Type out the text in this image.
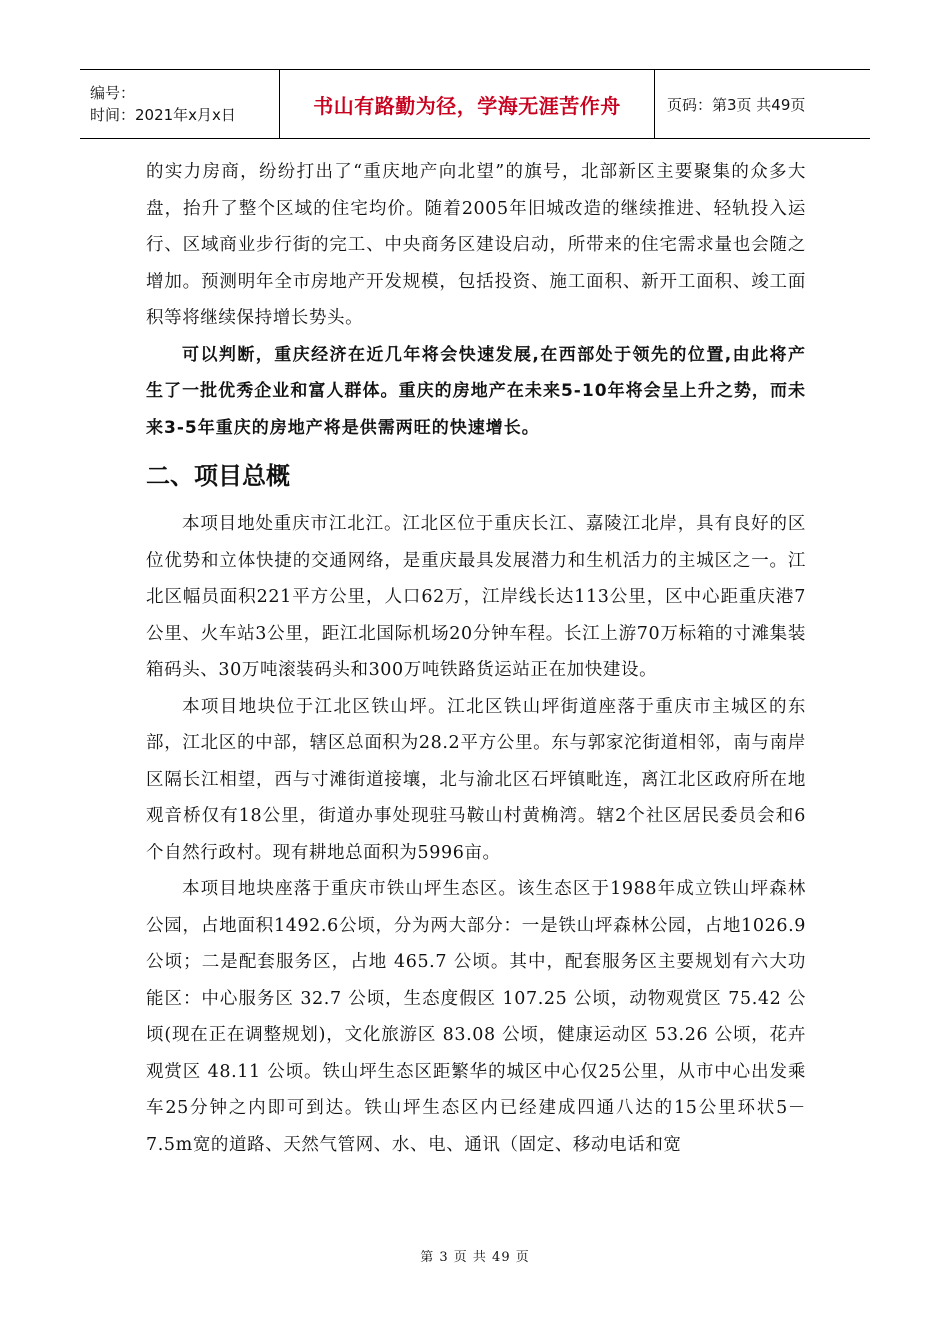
编号：
时间：2021年x月x日	书山有路勤为径，学海无涯苦作舟	页码：第3页 共49页

的实力房商，纷纷打出了“重庆地产向北望”的旗号，北部新区主要聚集的众多大盘，抬升了整个区域的住宅均价。随着2005年旧城改造的继续推进、轻轨投入运行、区域商业步行街的完工、中央商务区建设启动，所带来的住宅需求量也会随之增加。预测明年全市房地产开发规模，包括投资、施工面积、新开工面积、竣工面积等将继续保持增长势头。

可以判断，重庆经济在近几年将会快速发展,在西部处于领先的位置,由此将产生了一批优秀企业和富人群体。重庆的房地产在未来5-10年将会呈上升之势，而未来3-5年重庆的房地产将是供需两旺的快速增长。

二、项目总概

本项目地处重庆市江北江。江北区位于重庆长江、嘉陵江北岸，具有良好的区位优势和立体快捷的交通网络，是重庆最具发展潜力和生机活力的主城区之一。江北区幅员面积221平方公里，人口62万，江岸线长达113公里，区中心距重庆港7公里、火车站3公里，距江北国际机场20分钟车程。长江上游70万标箱的寸滩集装箱码头、30万吨滚装码头和300万吨铁路货运站正在加快建设。

本项目地块位于江北区铁山坪。江北区铁山坪街道座落于重庆市主城区的东部，江北区的中部，辖区总面积为28.2平方公里。东与郭家沱街道相邻，南与南岸区隔长江相望，西与寸滩街道接壤，北与渝北区石坪镇毗连，离江北区政府所在地观音桥仅有18公里，街道办事处现驻马鞍山村黄桷湾。辖2个社区居民委员会和6个自然行政村。现有耕地总面积为5996亩。

本项目地块座落于重庆市铁山坪生态区。该生态区于1988年成立铁山坪森林公园，占地面积1492.6公顷，分为两大部分：一是铁山坪森林公园，占地1026.9 公顷；二是配套服务区，占地 465.7 公顷。其中，配套服务区主要规划有六大功能区：中心服务区 32.7 公顷，生态度假区 107.25 公顷，动物观赏区 75.42 公顷(现在正在调整规划)，文化旅游区 83.08 公顷，健康运动区 53.26 公顷，花卉观赏区 48.11 公顷。铁山坪生态区距繁华的城区中心仅25公里，从市中心出发乘车25分钟之内即可到达。铁山坪生态区内已经建成四通八达的15公里环状5－7.5m宽的道路、天然气管网、水、电、通讯（固定、移动电话和宽

第 3 页 共 49 页
